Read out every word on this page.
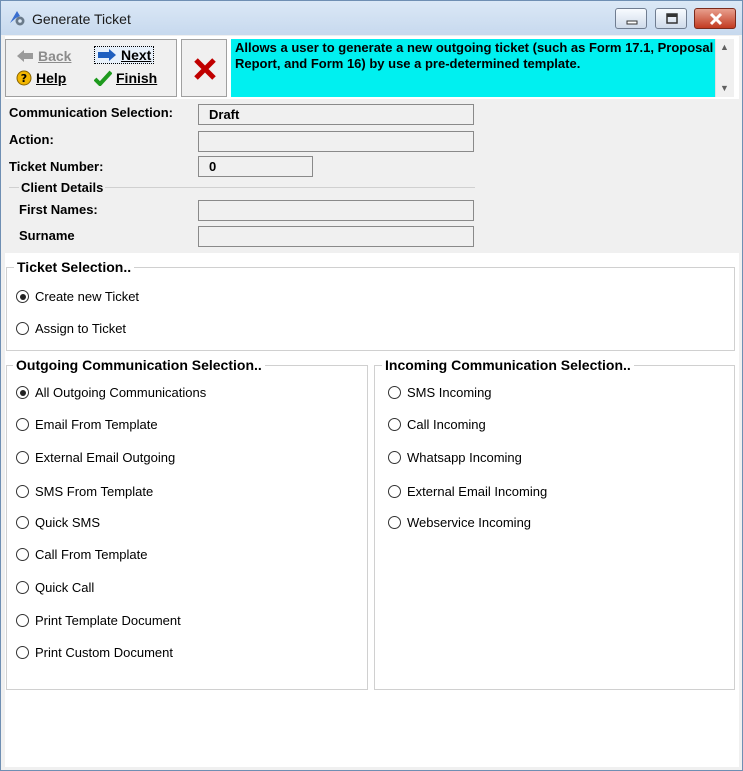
Generate Ticket
Back	Next
? Help	Finish
Allows a user to generate a new outgoing ticket (such as Form 17.1, Proposal Report, and Form 16) by use a pre-determined template.
▲
▼
Communication Selection:	Draft
Action:
Ticket Number:	0
Client Details
First Names:
Surname
Ticket Selection..
Create new Ticket
Assign to Ticket
Outgoing Communication Selection..
All Outgoing Communications
Email From Template
External Email Outgoing
SMS From Template
Quick SMS
Call From Template
Quick Call
Print Template Document
Print Custom Document
Incoming Communication Selection..
SMS Incoming
Call Incoming
Whatsapp Incoming
External Email Incoming
Webservice Incoming
